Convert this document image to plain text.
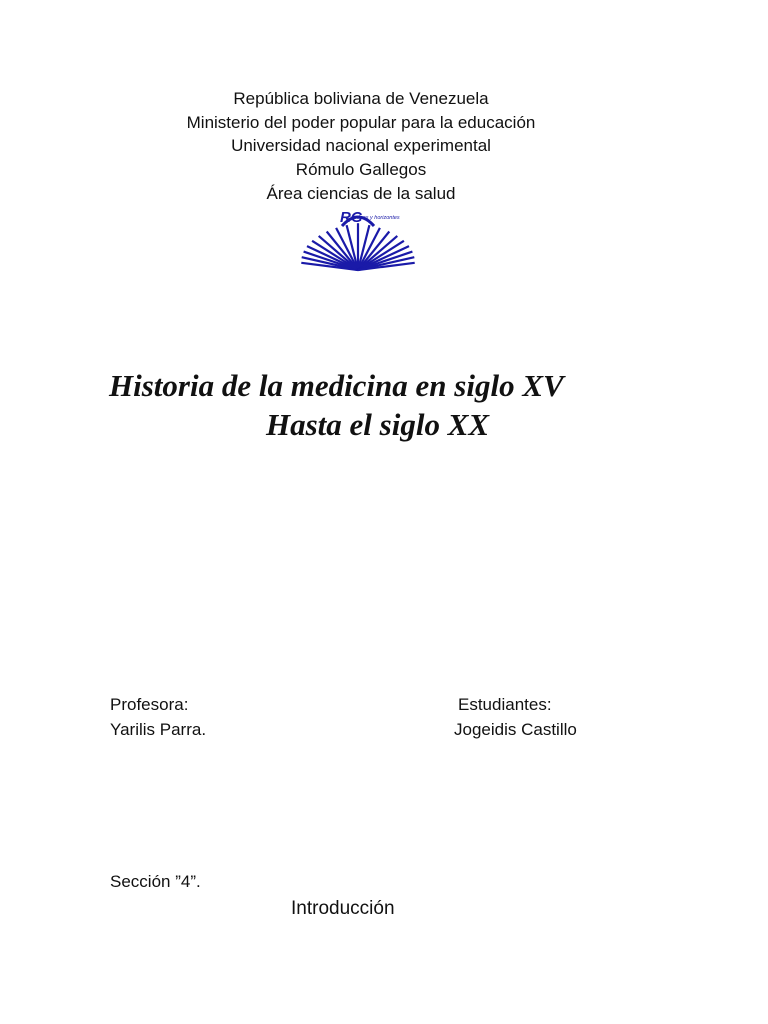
República boliviana de Venezuela

Ministerio del poder popular para la educación

Universidad nacional experimental

Rómulo Gallegos

Área ciencias de la salud

caminos y horizontes
RG

Historia de la medicina en siglo XV

Hasta el siglo XX

Profesora:

Yarilis Parra.

Estudiantes:

Jogeidis Castillo

Sección ”4”.

Introducción
